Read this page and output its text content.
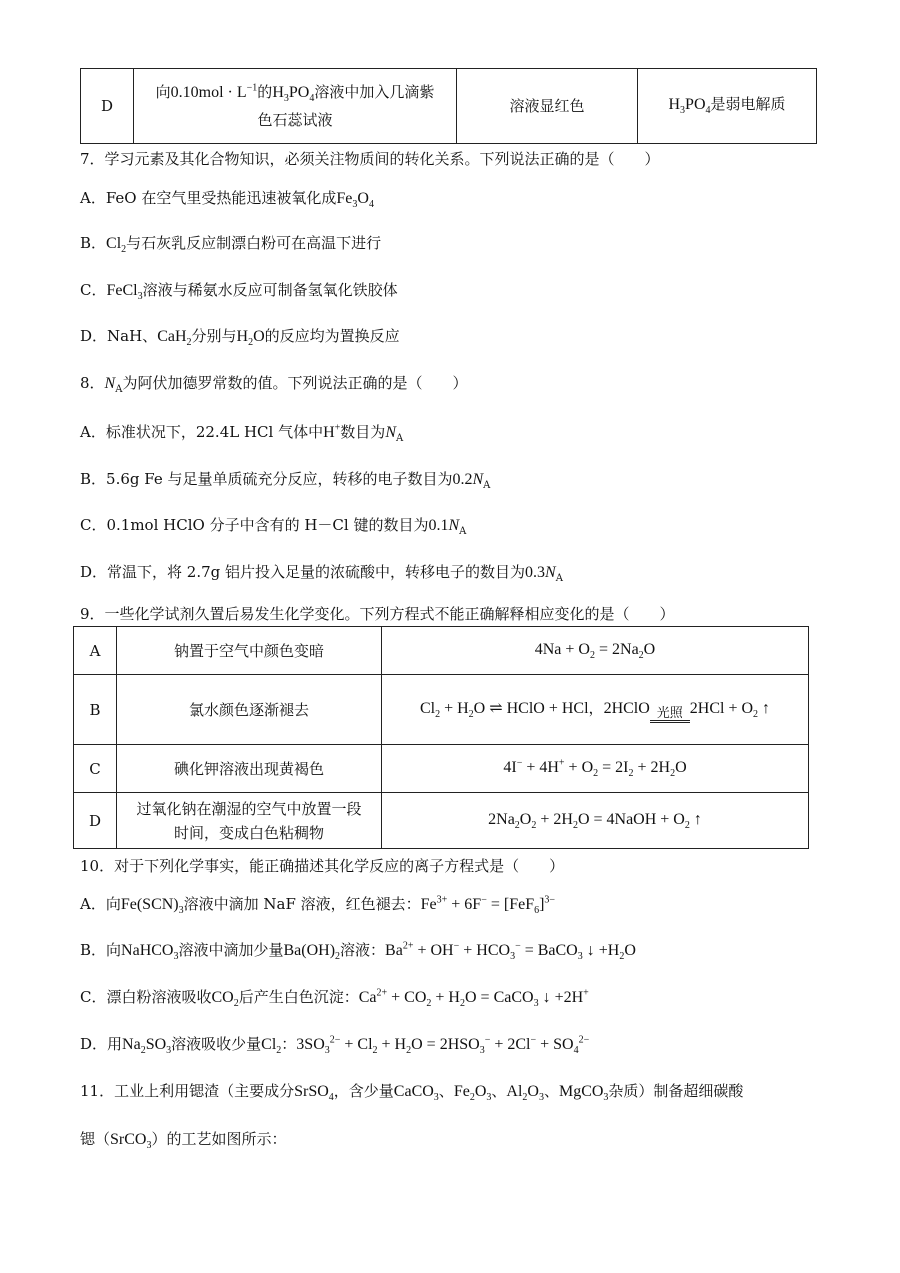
D	向$0.10mol \cdot L^{-1}$的$H_3PO_4$溶液中加入几滴紫
色石蕊试液	溶液显红色	$H_3PO_4$是弱电解质
7．学习元素及其化合物知识，必须关注物质间的转化关系。下列说法正确的是（　　）
A．FeO 在空气里受热能迅速被氧化成$Fe_3O_4$
B．$Cl_2$与石灰乳反应制漂白粉可在高温下进行
C．FeCl$_3$溶液与稀氨水反应可制备氢氧化铁胶体
D．NaH、CaH$_2$分别与$H_2O$的反应均为置换反应
8．$N_A$为阿伏加德罗常数的值。下列说法正确的是（　　）
A．标准状况下，22.4L HCl 气体中H+数目为$N_A$
B．5.6g Fe 与足量单质硫充分反应，转移的电子数目为$0.2N_A$
C．0.1mol HClO 分子中含有的 H－Cl 键的数目为$0.1N_A$
D．常温下，将 2.7g 铝片投入足量的浓硫酸中，转移电子的数目为$0.3N_A$
9．一些化学试剂久置后易发生化学变化。下列方程式不能正确解释相应变化的是（　　）
A	钠置于空气中颜色变暗	$4Na + O_2 = 2Na_2O$
B	氯水颜色逐渐褪去	$Cl_2 + H_2O$ ⇌ HClO + HCl，2HClO 光照 $2HCl + O_2$ ↑
C	碘化钾溶液出现黄褐色	$4I^- + 4H^+ + O_2 = 2I_2 + 2H_2O$
D	过氧化钠在潮湿的空气中放置一段
时间，变成白色粘稠物	$2Na_2O_2 + 2H_2O$ = 4NaOH + $O_2$ ↑
10．对于下列化学事实，能正确描述其化学反应的离子方程式是（　　）
A．向$Fe(SCN)_3$溶液中滴加 NaF 溶液，红色褪去：$Fe^{3+} + 6F^- = [FeF_6]^{3-}$
B．向NaHCO$_3$溶液中滴加少量$Ba(OH)_2$溶液：$Ba^{2+} + OH^- + HCO_3^-$ = BaCO$_3$ ↓ $+H_2O$
C．漂白粉溶液吸收$CO_2$后产生白色沉淀：$Ca^{2+} + CO_2 + H_2O$ = CaCO$_3$ ↓ +2H+
D．用$Na_2SO_3$溶液吸收少量$Cl_2$：$3SO_3^{2-} + Cl_2 + H_2O = 2HSO_3^- + 2Cl^- + SO_4^{2-}$
11．工业上利用锶渣（主要成分SrSO$_4$，含少量CaCO$_3$、$Fe_2O_3$、$Al_2O_3$、MgCO$_3$杂质）制备超细碳酸
锶（SrCO$_3$）的工艺如图所示：
